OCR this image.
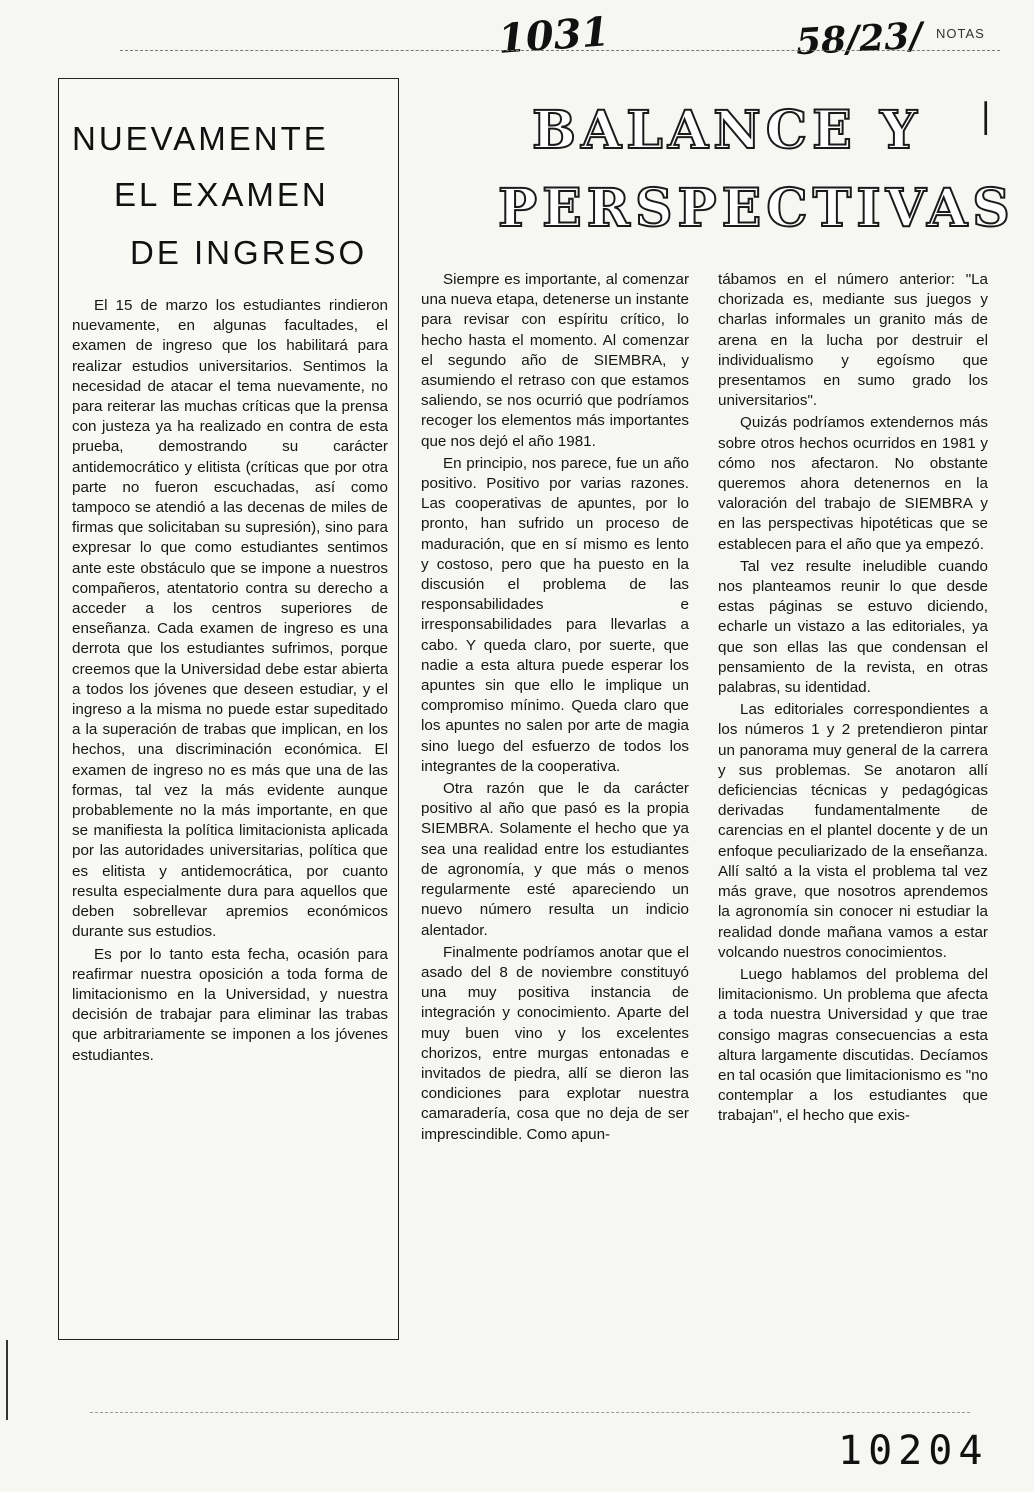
1031	58/23/ NOTAS
NUEVAMENTE
EL EXAMEN
DE INGRESO

El 15 de marzo los estudiantes rindieron nuevamente, en algunas facultades, el examen de ingreso que los habilitará para realizar estudios universitarios. Sentimos la necesidad de atacar el tema nuevamente, no para reiterar las muchas críticas que la prensa con justeza ya ha realizado en contra de esta prueba, demostrando su carácter antidemocrático y elitista (críticas que por otra parte no fueron escuchadas, así como tampoco se atendió a las decenas de miles de firmas que solicitaban su supresión), sino para expresar lo que como estudiantes sentimos ante este obstáculo que se impone a nuestros compañeros, atentatorio contra su derecho a acceder a los centros superiores de enseñanza. Cada examen de ingreso es una derrota que los estudiantes sufrimos, porque creemos que la Universidad debe estar abierta a todos los jóvenes que deseen estudiar, y el ingreso a la misma no puede estar supeditado a la superación de trabas que implican, en los hechos, una discriminación económica. El examen de ingreso no es más que una de las formas, tal vez la más evidente aunque probablemente no la más importante, en que se manifiesta la política limitacionista aplicada por las autoridades universitarias, política que es elitista y antidemocrática, por cuanto resulta especialmente dura para aquellos que deben sobrellevar apremios económicos durante sus estudios.

Es por lo tanto esta fecha, ocasión para reafirmar nuestra oposición a toda forma de limitacionismo en la Universidad, y nuestra decisión de trabajar para eliminar las trabas que arbitrariamente se imponen a los jóvenes estudiantes.

BALANCE Y
PERSPECTIVAS
|

Siempre es importante, al comenzar una nueva etapa, detenerse un instante para revisar con espíritu crítico, lo hecho hasta el momento. Al comenzar el segundo año de SIEMBRA, y asumiendo el retraso con que estamos saliendo, se nos ocurrió que podríamos recoger los elementos más importantes que nos dejó el año 1981.

En principio, nos parece, fue un año positivo. Positivo por varias razones. Las cooperativas de apuntes, por lo pronto, han sufrido un proceso de maduración, que en sí mismo es lento y costoso, pero que ha puesto en la discusión el problema de las responsabilidades e irresponsabilidades para llevarlas a cabo. Y queda claro, por suerte, que nadie a esta altura puede esperar los apuntes sin que ello le implique un compromiso mínimo. Queda claro que los apuntes no salen por arte de magia sino luego del esfuerzo de todos los integrantes de la cooperativa.

Otra razón que le da carácter positivo al año que pasó es la propia SIEMBRA. Solamente el hecho que ya sea una realidad entre los estudiantes de agronomía, y que más o menos regularmente esté apareciendo un nuevo número resulta un indicio alentador.

Finalmente podríamos anotar que el asado del 8 de noviembre constituyó una muy positiva instancia de integración y conocimiento. Aparte del muy buen vino y los excelentes chorizos, entre murgas entonadas e invitados de piedra, allí se dieron las condiciones para explotar nuestra camaradería, cosa que no deja de ser imprescindible. Como apun-

tábamos en el número anterior: "La chorizada es, mediante sus juegos y charlas informales un granito más de arena en la lucha por destruir el individualismo y egoísmo que presentamos en sumo grado los universitarios".

Quizás podríamos extendernos más sobre otros hechos ocurridos en 1981 y cómo nos afectaron. No obstante queremos ahora detenernos en la valoración del trabajo de SIEMBRA y en las perspectivas hipotéticas que se establecen para el año que ya empezó.

Tal vez resulte ineludible cuando nos planteamos reunir lo que desde estas páginas se estuvo diciendo, echarle un vistazo a las editoriales, ya que son ellas las que condensan el pensamiento de la revista, en otras palabras, su identidad.

Las editoriales correspondientes a los números 1 y 2 pretendieron pintar un panorama muy general de la carrera y sus problemas. Se anotaron allí deficiencias técnicas y pedagógicas derivadas fundamentalmente de carencias en el plantel docente y de un enfoque peculiarizado de la enseñanza. Allí saltó a la vista el problema tal vez más grave, que nosotros aprendemos la agronomía sin conocer ni estudiar la realidad donde mañana vamos a estar volcando nuestros conocimientos.

Luego hablamos del problema del limitacionismo. Un problema que afecta a toda nuestra Universidad y que trae consigo magras consecuencias a esta altura largamente discutidas. Decíamos en tal ocasión que limitacionismo es "no contemplar a los estudiantes que trabajan", el hecho que exis-

10204
